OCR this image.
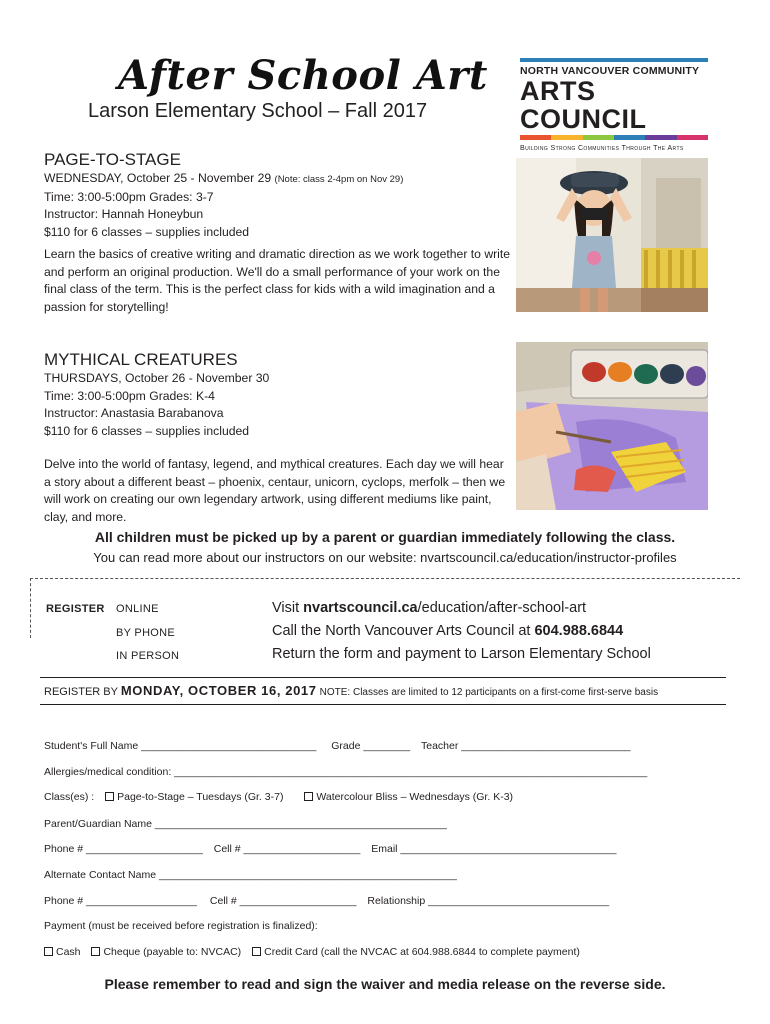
After School Art
Larson Elementary School – Fall 2017
NORTH VANCOUVER COMMUNITY
ARTS COUNCIL
Building Strong Communities Through The Arts
PAGE-TO-STAGE
WEDNESDAY, October 25 - November 29 (Note: class 2-4pm on Nov 29)
Time: 3:00-5:00pm Grades: 3-7
Instructor: Hannah Honeybun
$110 for 6 classes – supplies included
Learn the basics of creative writing and dramatic direction as we work together to write and perform an original production. We'll do a small performance of your work on the final class of the term. This is the perfect class for kids with a wild imagination and a passion for storytelling!
MYTHICAL CREATURES
THURSDAYS, October 26 - November 30
Time: 3:00-5:00pm Grades: K-4
Instructor: Anastasia Barabanova
$110 for 6 classes – supplies included
Delve into the world of fantasy, legend, and mythical creatures. Each day we will hear a story about a different beast – phoenix, centaur, unicorn, cyclops, merfolk – then we will work on creating our own legendary artwork, using different mediums like paint, clay, and more.
All children must be picked up by a parent or guardian immediately following the class.
You can read more about our instructors on our website: nvartscouncil.ca/education/instructor-profiles
REGISTER ONLINE
BY PHONE
IN PERSON
Visit nvartscouncil.ca/education/after-school-art
Call the North Vancouver Arts Council at 604.988.6844
Return the form and payment to Larson Elementary School
REGISTER BY MONDAY, OCTOBER 16, 2017 NOTE: Classes are limited to 12 participants on a first-come first-serve basis
Student's Full Name ______________________________ Grade ________ Teacher _____________________________
Allergies/medical condition: _________________________________________________________________________________
Class(es) : Page-to-Stage – Tuesdays (Gr. 3-7)	Watercolour Bliss – Wednesdays (Gr. K-3)
Parent/Guardian Name __________________________________________________
Phone # ____________________ Cell # ____________________ Email _____________________________________
Alternate Contact Name ___________________________________________________
Phone # ___________________ Cell # ____________________ Relationship _______________________________
Payment (must be received before registration is finalized):
Cash Cheque (payable to: NVCAC) Credit Card (call the NVCAC at 604.988.6844 to complete payment)
Please remember to read and sign the waiver and media release on the reverse side.
